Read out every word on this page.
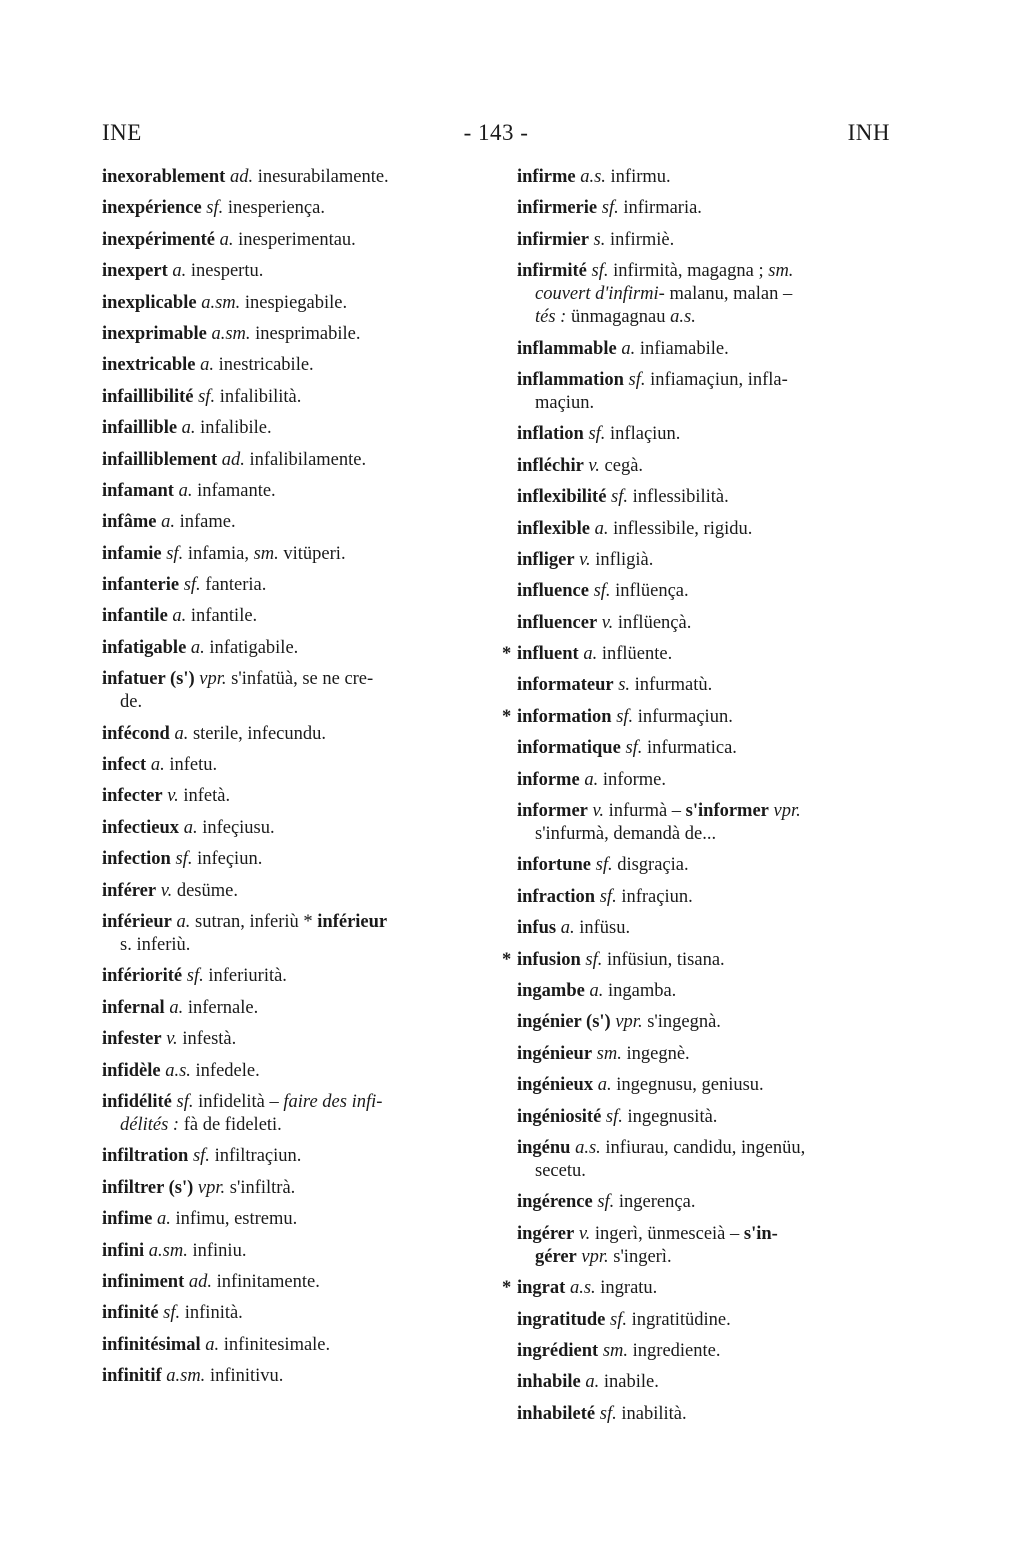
INE	- 143 -	INH
inexorablement ad. inesurabilamente.
inexpérience sf. inesperiença.
inexpérimenté a. inesperimentau.
inexpert a. inespertu.
inexplicable a.sm. inespiegabile.
inexprimable a.sm. inesprimabile.
inextricable a. inestricabile.
infaillibilité sf. infalibilità.
infaillible a. infalibile.
infailliblement ad. infalibilamente.
infamant a. infamante.
infâme a. infame.
infamie sf. infamia, sm. vitüperi.
infanterie sf. fanteria.
infantile a. infantile.
infatigable a. infatigabile.
infatuer (s') vpr. s'infatüà, se ne cre-
de.
infécond a. sterile, infecundu.
infect a. infetu.
infecter v. infetà.
infectieux a. infeçiusu.
infection sf. infeçiun.
inférer v. desüme.
inférieur a. sutran, inferiù * inférieur
s. inferiù.
infériorité sf. inferiurità.
infernal a. infernale.
infester v. infestà.
infidèle a.s. infedele.
infidélité sf. infidelità – faire des infi-
délités : fà de fideleti.
infiltration sf. infiltraçiun.
infiltrer (s') vpr. s'infiltrà.
infime a. infimu, estremu.
infini a.sm. infiniu.
infiniment ad. infinitamente.
infinité sf. infinità.
infinitésimal a. infinitesimale.
infinitif a.sm. infinitivu.
infirme a.s. infirmu.
infirmerie sf. infirmaria.
infirmier s. infirmiè.
infirmité sf. infirmità, magagna ; sm.
couvert d'infirmi- malanu, malan –
tés : ünmagagnau a.s.
inflammable a. infiamabile.
inflammation sf. infiamaçiun, infla-
maçiun.
inflation sf. inflaçiun.
infléchir v. cegà.
inflexibilité sf. inflessibilità.
inflexible a. inflessibile, rigidu.
infliger v. infligià.
influence sf. inflüença.
influencer v. inflüençà.
* influent a. inflüente.
informateur s. infurmatù.
* information sf. infurmaçiun.
informatique sf. infurmatica.
informe a. informe.
informer v. infurmà – s'informer vpr.
s'infurmà, demandà de...
infortune sf. disgraçia.
infraction sf. infraçiun.
infus a. infüsu.
* infusion sf. infüsiun, tisana.
ingambe a. ingamba.
ingénier (s') vpr. s'ingegnà.
ingénieur sm. ingegnè.
ingénieux a. ingegnusu, geniusu.
ingéniosité sf. ingegnusità.
ingénu a.s. infiurau, candidu, ingenüu,
secetu.
ingérence sf. ingerença.
ingérer v. ingerì, ünmesceià – s'in-
gérer vpr. s'ingerì.
* ingrat a.s. ingratu.
ingratitude sf. ingratitüdine.
ingrédient sm. ingrediente.
inhabile a. inabile.
inhabileté sf. inabilità.
